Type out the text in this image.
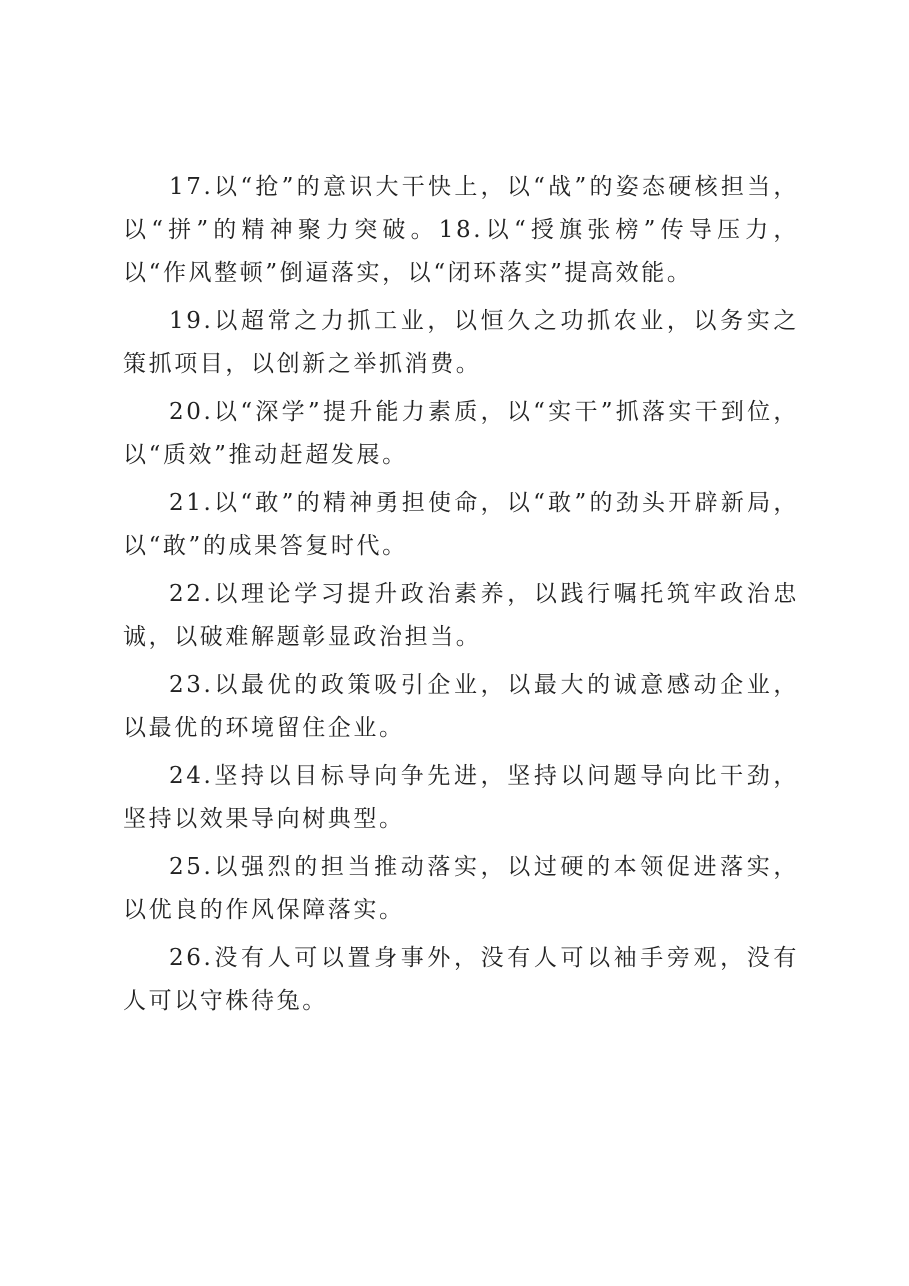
17.以“抢”的意识大干快上，以“战”的姿态硬核担当，以“拼”的精神聚力突破。18.以“授旗张榜”传导压力，以“作风整顿”倒逼落实，以“闭环落实”提高效能。

19.以超常之力抓工业，以恒久之功抓农业，以务实之策抓项目，以创新之举抓消费。

20.以“深学”提升能力素质，以“实干”抓落实干到位，以“质效”推动赶超发展。

21.以“敢”的精神勇担使命，以“敢”的劲头开辟新局，以“敢”的成果答复时代。

22.以理论学习提升政治素养，以践行嘱托筑牢政治忠诚，以破难解题彰显政治担当。

23.以最优的政策吸引企业，以最大的诚意感动企业，以最优的环境留住企业。

24.坚持以目标导向争先进，坚持以问题导向比干劲，坚持以效果导向树典型。

25.以强烈的担当推动落实，以过硬的本领促进落实，以优良的作风保障落实。

26.没有人可以置身事外，没有人可以袖手旁观，没有人可以守株待兔。
